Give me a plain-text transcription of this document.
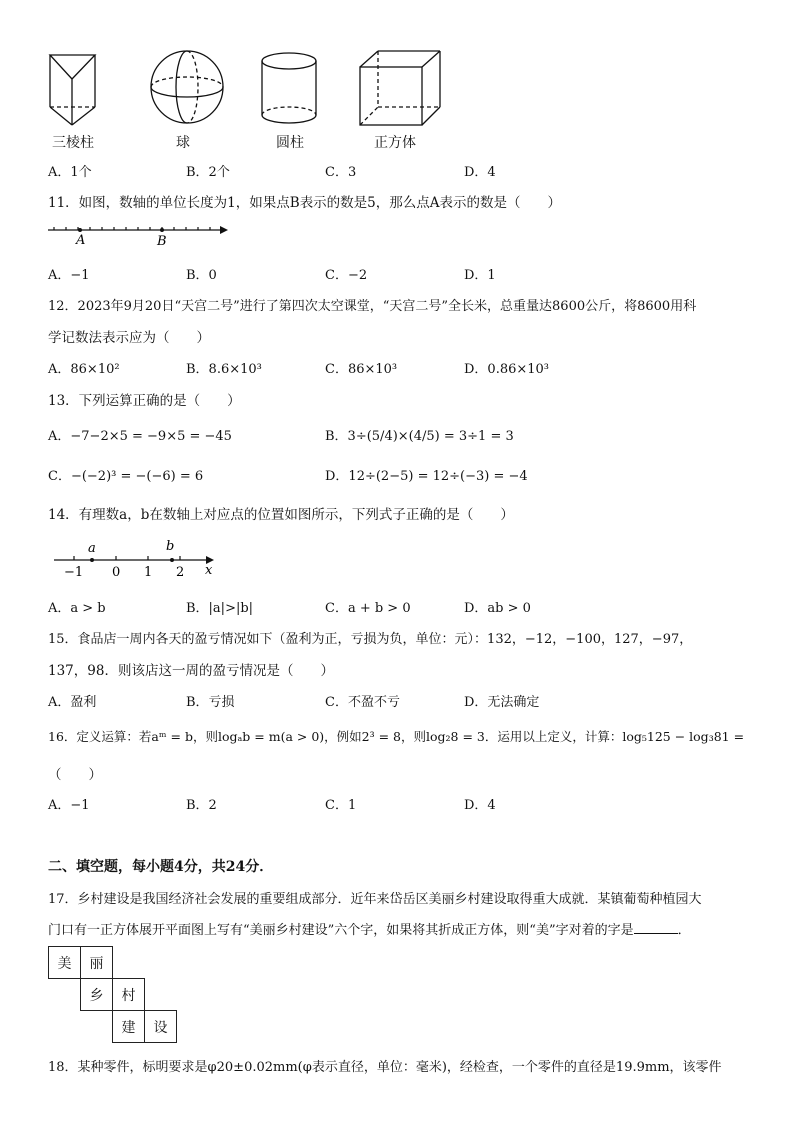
三棱柱	球	圆柱	正方体
A．1个	B．2个	C．3	D．4
11．如图，数轴的单位长度为1，如果点B表示的数是5，那么点A表示的数是（　　）
A	B
A．−1	B．0	C．−2	D．1
12．2023年9月20日“天宫二号”进行了第四次太空课堂，“天宫二号”全长米，总重量达8600公斤，将8600用科
学记数法表示应为（　　）
A．86×10²	B．8.6×10³	C．86×10³	D．0.86×10³
13．下列运算正确的是（　　）
A．−7−2×5 = −9×5 = −45	B．3÷(5/4)×(4/5) = 3÷1 = 3
C．−(−2)³ = −(−6) = 6	D．12÷(2−5) = 12÷(−3) = −4
14．有理数a，b在数轴上对应点的位置如图所示，下列式子正确的是（　　）
a	b
−1 0 1 2 x
A．a > b	B．|a|>|b|	C．a + b > 0	D．ab > 0
15．食品店一周内各天的盈亏情况如下（盈利为正，亏损为负，单位：元）：132，−12，−100，127，−97，
137，98．则该店这一周的盈亏情况是（　　）
A．盈利	B．亏损	C．不盈不亏	D．无法确定
16．定义运算：若aᵐ = b，则logₐb = m(a > 0)，例如2³ = 8，则log₂8 = 3．运用以上定义，计算：log₅125 − log₃81 =
（　　）
A．−1	B．2	C．1	D．4
二、填空题，每小题4分，共24分．
17．乡村建设是我国经济社会发展的重要组成部分．近年来岱岳区美丽乡村建设取得重大成就．某镇葡萄种植园大
门口有一正方体展开平面图上写有“美丽乡村建设”六个字，如果将其折成正方体，则“美”字对着的字是	．
美	丽
乡	村
建	设
18．某种零件，标明要求是φ20±0.02mm(φ表示直径，单位：毫米)，经检查，一个零件的直径是19.9mm，该零件
